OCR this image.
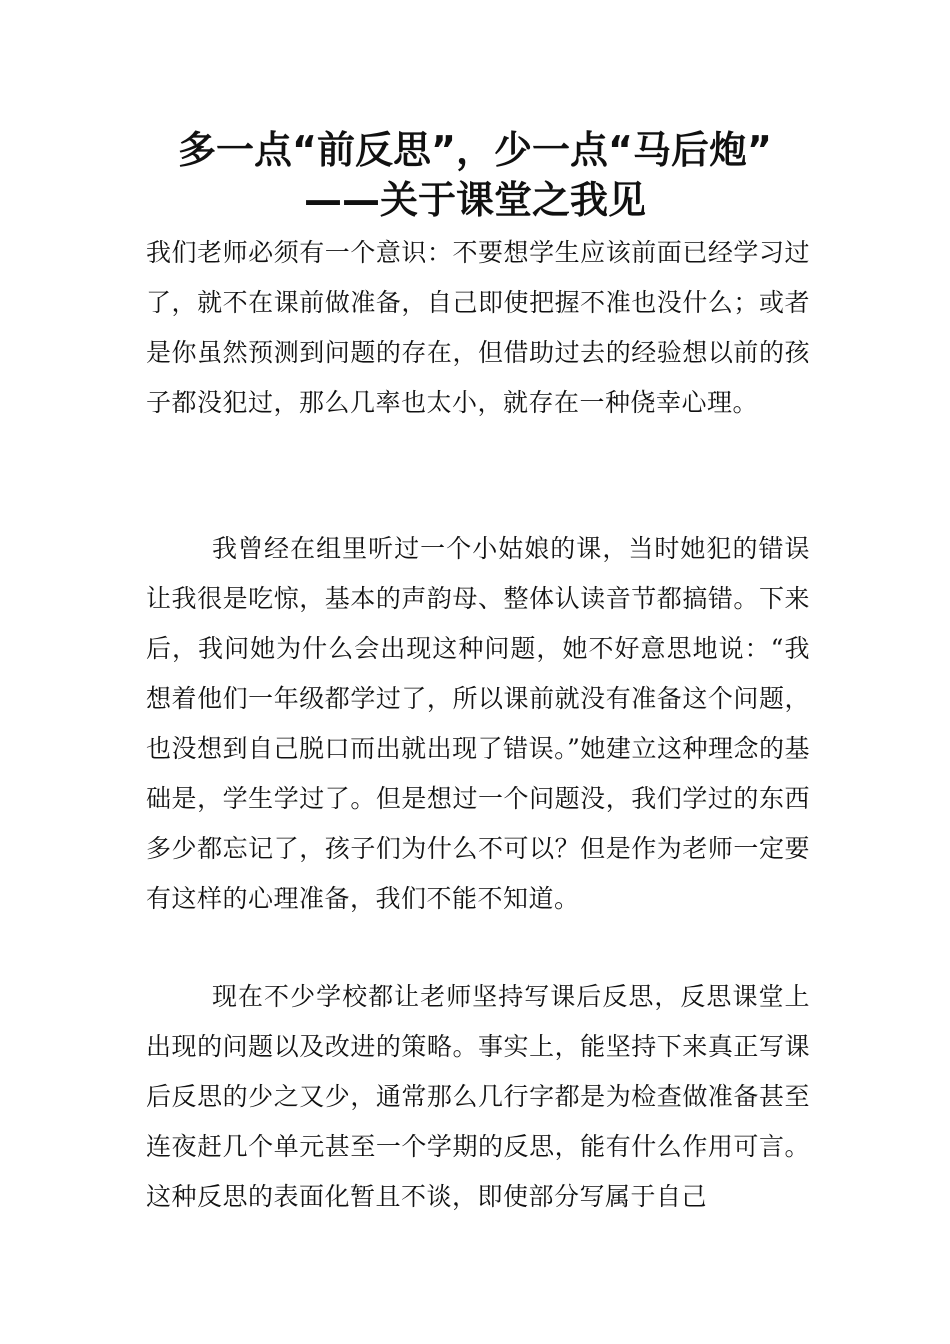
多一点“前反思”，少一点“马后炮”
——关于课堂之我见

我们老师必须有一个意识：不要想学生应该前面已经学习过了，就不在课前做准备，自己即使把握不准也没什么；或者是你虽然预测到问题的存在，但借助过去的经验想以前的孩子都没犯过，那么几率也太小，就存在一种侥幸心理。

我曾经在组里听过一个小姑娘的课，当时她犯的错误让我很是吃惊，基本的声韵母、整体认读音节都搞错。下来后，我问她为什么会出现这种问题，她不好意思地说：“我想着他们一年级都学过了，所以课前就没有准备这个问题，也没想到自己脱口而出就出现了错误。”她建立这种理念的基础是，学生学过了。但是想过一个问题没，我们学过的东西多少都忘记了，孩子们为什么不可以？但是作为老师一定要有这样的心理准备，我们不能不知道。

现在不少学校都让老师坚持写课后反思，反思课堂上出现的问题以及改进的策略。事实上，能坚持下来真正写课后反思的少之又少，通常那么几行字都是为检查做准备甚至连夜赶几个单元甚至一个学期的反思，能有什么作用可言。这种反思的表面化暂且不谈，即使部分写属于自己
